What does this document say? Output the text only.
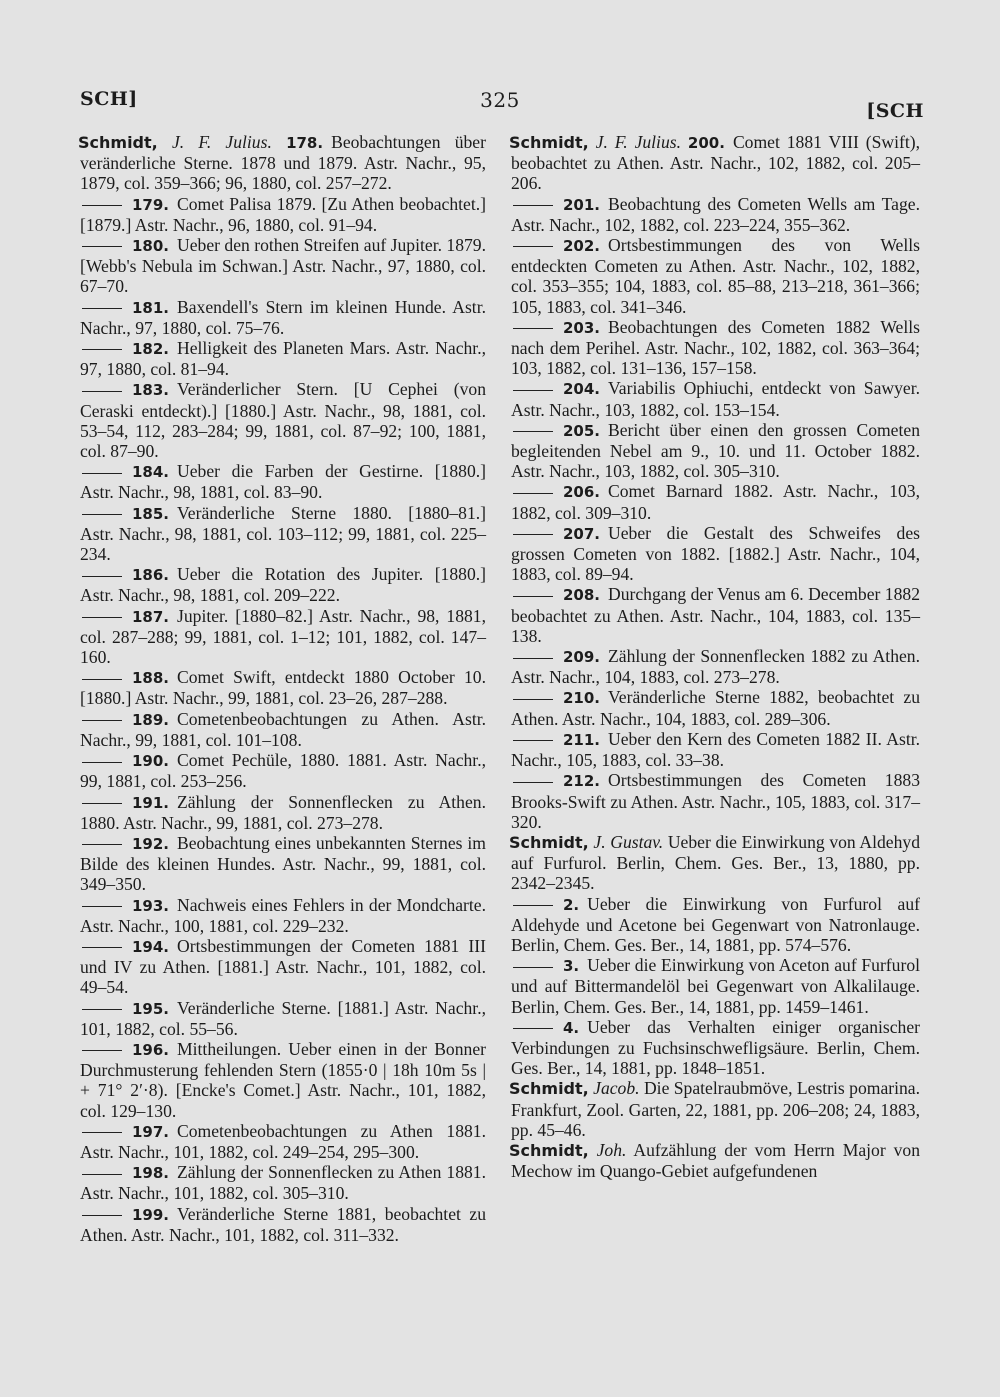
SCH]	325	[SCH

Schmidt, J. F. Julius. 178. Beobachtungen über veränderliche Sterne. 1878 und 1879. Astr. Nachr., 95, 1879, col. 359–366; 96, 1880, col. 257–272.

179. Comet Palisa 1879. [Zu Athen beobachtet.] [1879.] Astr. Nachr., 96, 1880, col. 91–94.

180. Ueber den rothen Streifen auf Jupiter. 1879. [Webb's Nebula im Schwan.] Astr. Nachr., 97, 1880, col. 67–70.

181. Baxendell's Stern im kleinen Hunde. Astr. Nachr., 97, 1880, col. 75–76.

182. Helligkeit des Planeten Mars. Astr. Nachr., 97, 1880, col. 81–94.

183. Veränderlicher Stern. [U Cephei (von Ceraski entdeckt).] [1880.] Astr. Nachr., 98, 1881, col. 53–54, 112, 283–284; 99, 1881, col. 87–92; 100, 1881, col. 87–90.

184. Ueber die Farben der Gestirne. [1880.] Astr. Nachr., 98, 1881, col. 83–90.

185. Veränderliche Sterne 1880. [1880–81.] Astr. Nachr., 98, 1881, col. 103–112; 99, 1881, col. 225–234.

186. Ueber die Rotation des Jupiter. [1880.] Astr. Nachr., 98, 1881, col. 209–222.

187. Jupiter. [1880–82.] Astr. Nachr., 98, 1881, col. 287–288; 99, 1881, col. 1–12; 101, 1882, col. 147–160.

188. Comet Swift, entdeckt 1880 October 10. [1880.] Astr. Nachr., 99, 1881, col. 23–26, 287–288.

189. Cometenbeobachtungen zu Athen. Astr. Nachr., 99, 1881, col. 101–108.

190. Comet Pechüle, 1880. 1881. Astr. Nachr., 99, 1881, col. 253–256.

191. Zählung der Sonnenflecken zu Athen. 1880. Astr. Nachr., 99, 1881, col. 273–278.

192. Beobachtung eines unbekannten Sternes im Bilde des kleinen Hundes. Astr. Nachr., 99, 1881, col. 349–350.

193. Nachweis eines Fehlers in der Mondcharte. Astr. Nachr., 100, 1881, col. 229–232.

194. Ortsbestimmungen der Cometen 1881 III und IV zu Athen. [1881.] Astr. Nachr., 101, 1882, col. 49–54.

195. Veränderliche Sterne. [1881.] Astr. Nachr., 101, 1882, col. 55–56.

196. Mittheilungen. Ueber einen in der Bonner Durchmusterung fehlenden Stern (1855·0 | 18h 10m 5s | + 71° 2′·8). [Encke's Comet.] Astr. Nachr., 101, 1882, col. 129–130.

197. Cometenbeobachtungen zu Athen 1881. Astr. Nachr., 101, 1882, col. 249–254, 295–300.

198. Zählung der Sonnenflecken zu Athen 1881. Astr. Nachr., 101, 1882, col. 305–310.

199. Veränderliche Sterne 1881, beobachtet zu Athen. Astr. Nachr., 101, 1882, col. 311–332.

Schmidt, J. F. Julius. 200. Comet 1881 VIII (Swift), beobachtet zu Athen. Astr. Nachr., 102, 1882, col. 205–206.

201. Beobachtung des Cometen Wells am Tage. Astr. Nachr., 102, 1882, col. 223–224, 355–362.

202. Ortsbestimmungen des von Wells entdeckten Cometen zu Athen. Astr. Nachr., 102, 1882, col. 353–355; 104, 1883, col. 85–88, 213–218, 361–366; 105, 1883, col. 341–346.

203. Beobachtungen des Cometen 1882 Wells nach dem Perihel. Astr. Nachr., 102, 1882, col. 363–364; 103, 1882, col. 131–136, 157–158.

204. Variabilis Ophiuchi, entdeckt von Sawyer. Astr. Nachr., 103, 1882, col. 153–154.

205. Bericht über einen den grossen Cometen begleitenden Nebel am 9., 10. und 11. October 1882. Astr. Nachr., 103, 1882, col. 305–310.

206. Comet Barnard 1882. Astr. Nachr., 103, 1882, col. 309–310.

207. Ueber die Gestalt des Schweifes des grossen Cometen von 1882. [1882.] Astr. Nachr., 104, 1883, col. 89–94.

208. Durchgang der Venus am 6. December 1882 beobachtet zu Athen. Astr. Nachr., 104, 1883, col. 135–138.

209. Zählung der Sonnenflecken 1882 zu Athen. Astr. Nachr., 104, 1883, col. 273–278.

210. Veränderliche Sterne 1882, beobachtet zu Athen. Astr. Nachr., 104, 1883, col. 289–306.

211. Ueber den Kern des Cometen 1882 II. Astr. Nachr., 105, 1883, col. 33–38.

212. Ortsbestimmungen des Cometen 1883 Brooks-Swift zu Athen. Astr. Nachr., 105, 1883, col. 317–320.

Schmidt, J. Gustav. Ueber die Einwirkung von Aldehyd auf Furfurol. Berlin, Chem. Ges. Ber., 13, 1880, pp. 2342–2345.

2. Ueber die Einwirkung von Furfurol auf Aldehyde und Acetone bei Gegenwart von Natronlauge. Berlin, Chem. Ges. Ber., 14, 1881, pp. 574–576.

3. Ueber die Einwirkung von Aceton auf Furfurol und auf Bittermandelöl bei Gegenwart von Alkalilauge. Berlin, Chem. Ges. Ber., 14, 1881, pp. 1459–1461.

4. Ueber das Verhalten einiger organischer Verbindungen zu Fuchsinschwefligsäure. Berlin, Chem. Ges. Ber., 14, 1881, pp. 1848–1851.

Schmidt, Jacob. Die Spatelraubmöve, Lestris pomarina. Frankfurt, Zool. Garten, 22, 1881, pp. 206–208; 24, 1883, pp. 45–46.

Schmidt, Joh. Aufzählung der vom Herrn Major von Mechow im Quango-Gebiet aufgefundenen
